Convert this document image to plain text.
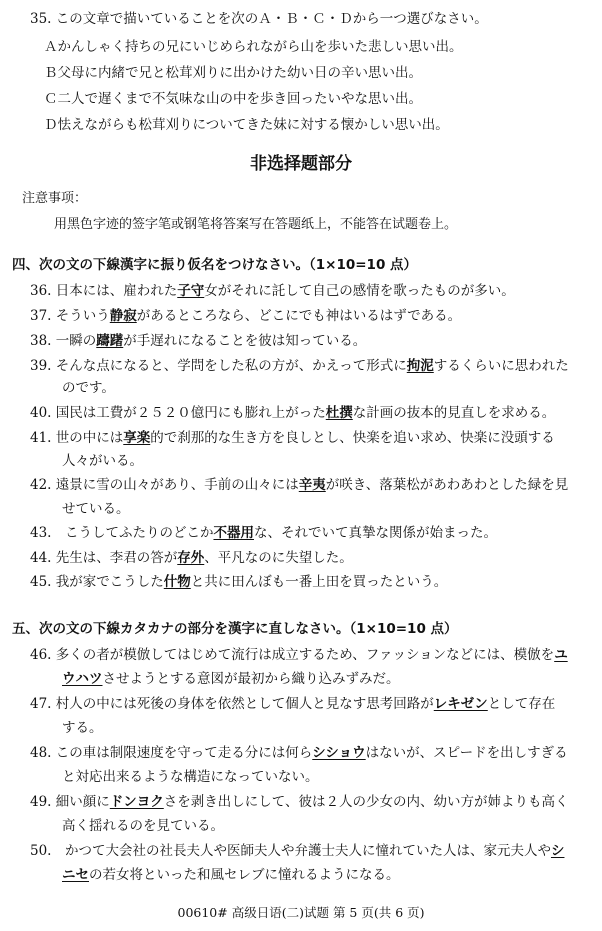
35. この文章で描いていることを次のＡ・Ｂ・Ｃ・Ｄから一つ選びなさい。
Ａかんしゃく持ちの兄にいじめられながら山を歩いた悲しい思い出。
Ｂ父母に内緒で兄と松茸刈りに出かけた幼い日の辛い思い出。
Ｃ二人で遅くまで不気味な山の中を歩き回ったいやな思い出。
Ｄ怯えながらも松茸刈りについてきた妹に対する懐かしい思い出。
非选择题部分
注意事项：
用黑色字迹的签字笔或钢笔将答案写在答题纸上，不能答在试题卷上。
四、次の文の下線漢字に振り仮名をつけなさい。（1×10=10 点）
36. 日本には、雇われた子守女がそれに託して自己の感情を歌ったものが多い。
37. そういう静寂があるところなら、どこにでも神はいるはずである。
38. 一瞬の躊躇が手遅れになることを彼は知っている。
39. そんな点になると、学問をした私の方が、かえって形式に拘泥するくらいに思われた
のです。
40. 国民は工費が２５２０億円にも膨れ上がった杜撰な計画の抜本的見直しを求める。
41. 世の中には享楽的で刹那的な生き方を良しとし、快楽を追い求め、快楽に没頭する
人々がいる。
42. 遠景に雪の山々があり、手前の山々には辛夷が咲き、落葉松があわあわとした緑を見
せている。
43.　こうしてふたりのどこか不器用な、それでいて真摯な関係が始まった。
44. 先生は、李君の答が存外、平凡なのに失望した。
45. 我が家でこうした什物と共に田んぼも一番上田を買ったという。
五、次の文の下線カタカナの部分を漢字に直しなさい。（1×10=10 点）
46. 多くの者が模倣してはじめて流行は成立するため、ファッションなどには、模倣をユ
ウハツさせようとする意図が最初から織り込みずみだ。
47. 村人の中には死後の身体を依然として個人と見なす思考回路がレキゼンとして存在
する。
48. この車は制限速度を守って走る分には何らシショウはないが、スピードを出しすぎる
と対応出来るような構造になっていない。
49. 細い顔にドンヨクさを剥き出しにして、彼は２人の少女の内、幼い方が姉よりも高く
高く揺れるのを見ている。
50.　かつて大会社の社長夫人や医師夫人や弁護士夫人に憧れていた人は、家元夫人やシ
ニセの若女将といった和風セレブに憧れるようになる。
00610# 高级日语(二)试题 第 5 页(共 6 页)
